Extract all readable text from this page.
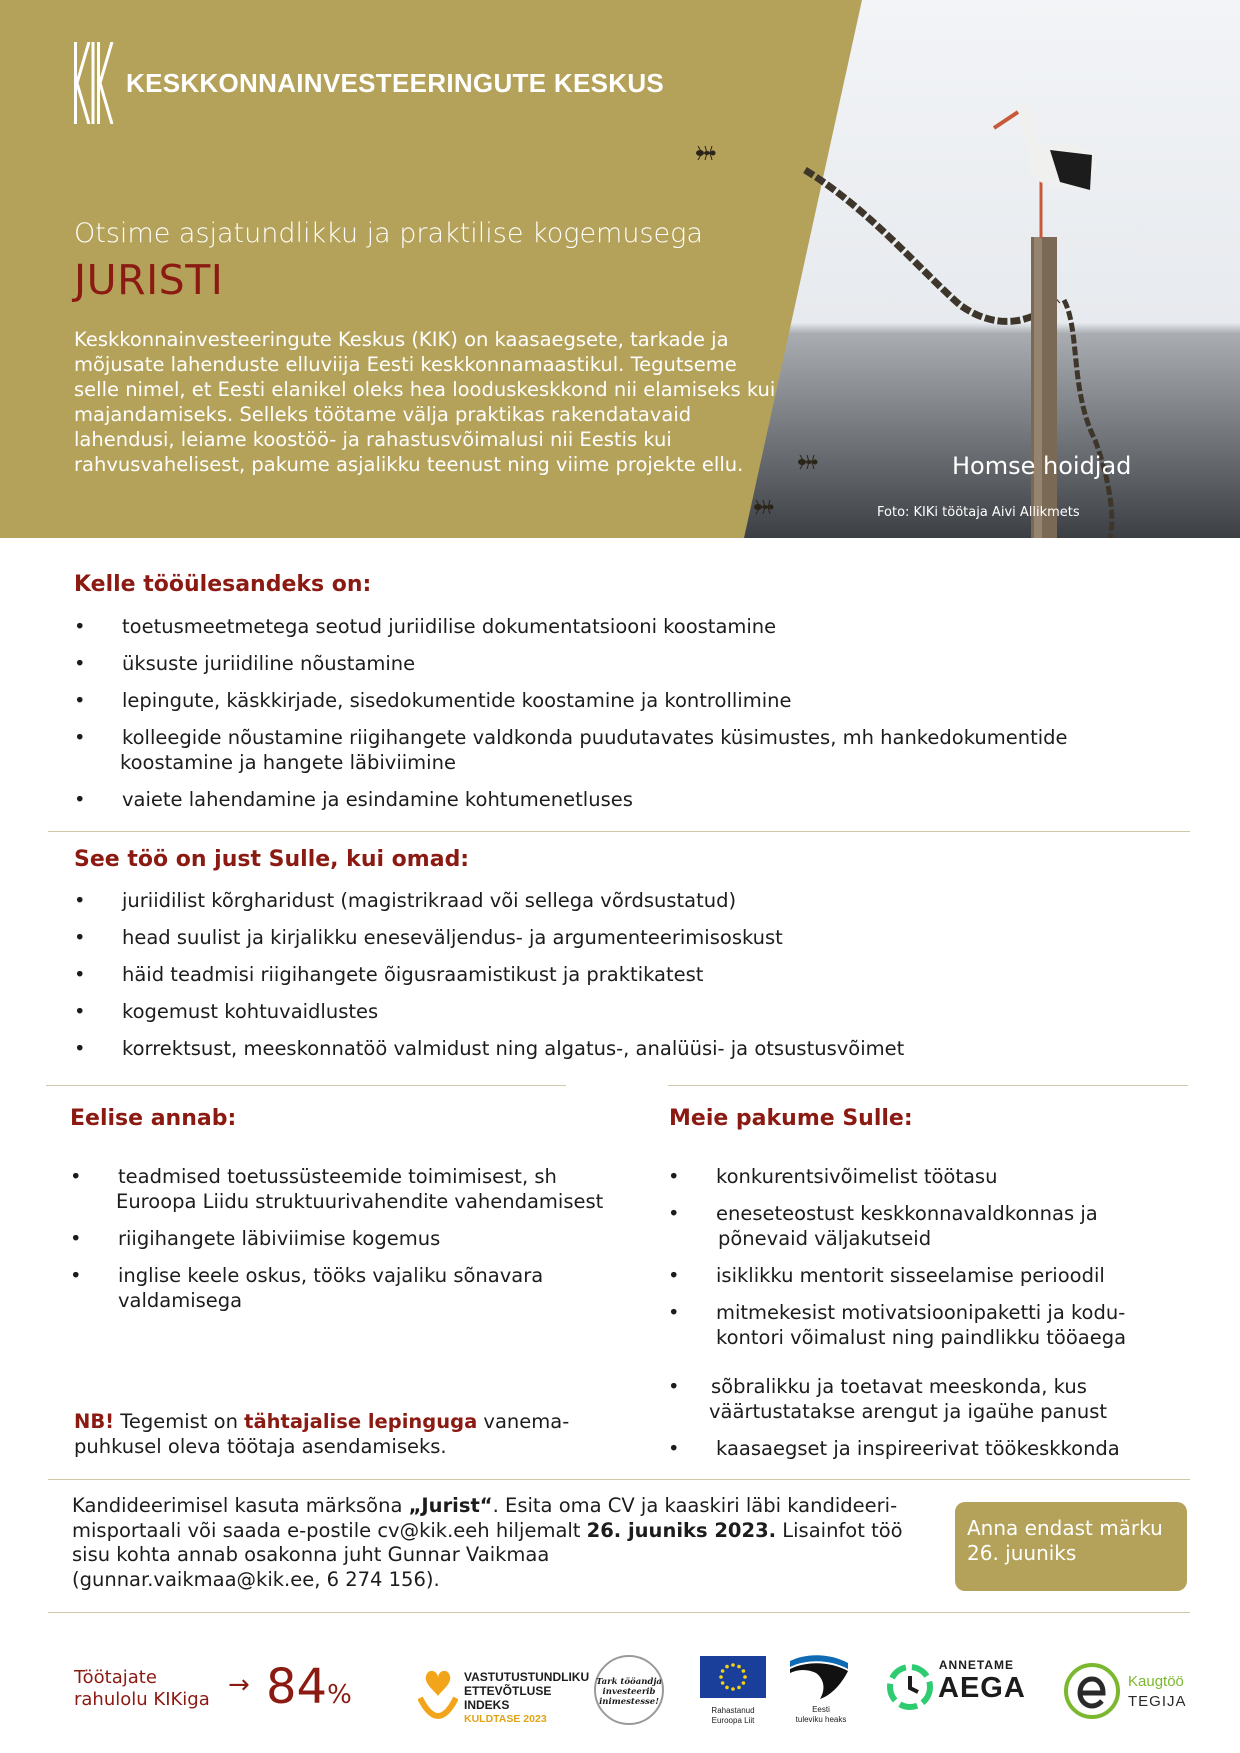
KESKKONNAINVESTEERINGUTE KESKUS
Otsime asjatundlikku ja praktilise kogemusega
JURISTI
Keskkonnainvesteeringute Keskus (KIK) on kaasaegsete, tarkade ja
mõjusate lahenduste elluviija Eesti keskkonnamaastikul. Tegutseme
selle nimel, et Eesti elanikel oleks hea looduskeskkond nii elamiseks kui
majandamiseks. Selleks töötame välja praktikas rakendatavaid
lahendusi, leiame koostöö- ja rahastusvõimalusi nii Eestis kui
rahvusvahelisest, pakume asjalikku teenust ning viime projekte ellu.	Homse hoidjad
Foto: KIKi töötaja Aivi Allikmets
Kelle tööülesandeks on:
•	toetusmeetmetega seotud juriidilise dokumentatsiooni koostamine
•	üksuste juriidiline nõustamine
•	lepingute, käskkirjade, sisedokumentide koostamine ja kontrollimine
•	kolleegide nõustamine riigihangete valdkonda puudutavates küsimustes, mh hankedokumentide
koostamine ja hangete läbiviimine
•	vaiete lahendamine ja esindamine kohtumenetluses
See töö on just Sulle, kui omad:
•	juriidilist kõrgharidust (magistrikraad või sellega võrdsustatud)
•	head suulist ja kirjalikku eneseväljendus- ja argumenteerimisoskust
•	häid teadmisi riigihangete õigusraamistikust ja praktikatest
•	kogemust kohtuvaidlustes
•	korrektsust, meeskonnatöö valmidust ning algatus-, analüüsi- ja otsustusvõimet
Eelise annab:
•	teadmised toetussüsteemide toimimisest, sh
Euroopa Liidu struktuurivahendite vahendamisest
•	riigihangete läbiviimise kogemus
•	inglise keele oskus, tööks vajaliku sõnavara
valdamisega
Meie pakume Sulle:
•	konkurentsivõimelist töötasu
•	eneseteostust keskkonnavaldkonnas ja
põnevaid väljakutseid
•	isiklikku mentorit sisseelamise perioodil
•	mitmekesist motivatsioonipaketti ja kodu-
kontori võimalust ning paindlikku tööaega
•	sõbralikku ja toetavat meeskonda, kus
väärtustatakse arengut ja igaühe panust
•	kaasaegset ja inspireerivat töökeskkonda
NB! Tegemist on tähtajalise lepinguga vanema-
puhkusel oleva töötaja asendamiseks.
Kandideerimisel kasuta märksõna „Jurist“. Esita oma CV ja kaaskiri läbi kandideeri-
misportaali või saada e-postile cv@kik.eeh hiljemalt 26. juuniks 2023. Lisainfot töö
sisu kohta annab osakonna juht Gunnar Vaikmaa
(gunnar.vaikmaa@kik.ee, 6 274 156).
Anna endast märku
26. juuniks
Töötajate
rahulolu KIKiga → 84%
VASTUTUSTUNDLIKU
ETTEVÕTLUSE INDEKS
KULDTASE 2023
Tark tööandja
investeerib
inimestesse!
Rahastanud
Euroopa Liit
Eesti
tuleviku heaks
ANNETAME
AEGA	Kaugtöö
TEGIJA
